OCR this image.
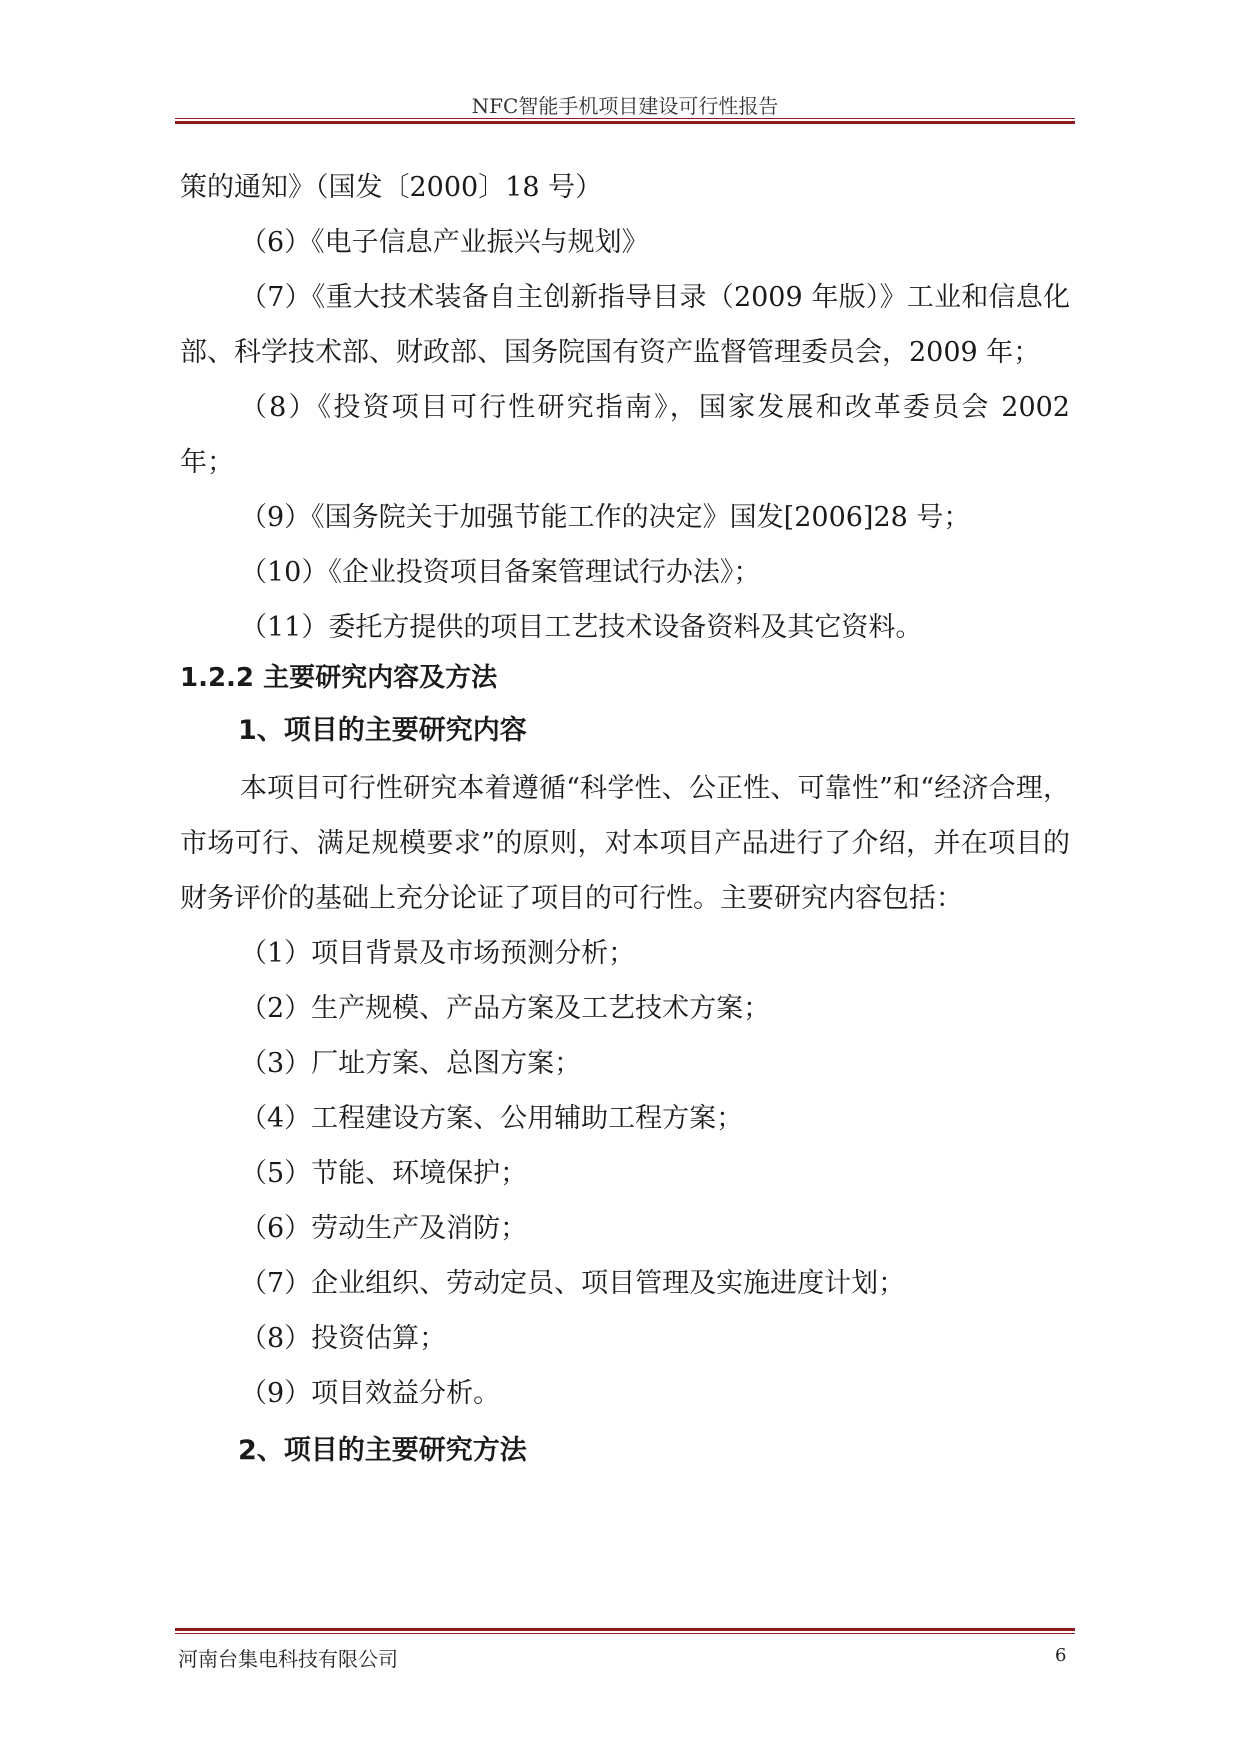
NFC智能手机项目建设可行性报告

策的通知》（国发〔2000〕18 号）

（6）《电子信息产业振兴与规划》

（7）《重大技术装备自主创新指导目录（2009 年版）》工业和信息化部、科学技术部、财政部、国务院国有资产监督管理委员会，2009 年；

（8）《投资项目可行性研究指南》，国家发展和改革委员会 2002 年；

（9）《国务院关于加强节能工作的决定》国发[2006]28 号；

（10）《企业投资项目备案管理试行办法》；

（11）委托方提供的项目工艺技术设备资料及其它资料。

1.2.2 主要研究内容及方法

1、项目的主要研究内容

本项目可行性研究本着遵循“科学性、公正性、可靠性”和“经济合理，市场可行、满足规模要求”的原则，对本项目产品进行了介绍，并在项目的财务评价的基础上充分论证了项目的可行性。主要研究内容包括：

（1）项目背景及市场预测分析；

（2）生产规模、产品方案及工艺技术方案；

（3）厂址方案、总图方案；

（4）工程建设方案、公用辅助工程方案；

（5）节能、环境保护；

（6）劳动生产及消防；

（7）企业组织、劳动定员、项目管理及实施进度计划；

（8）投资估算；

（9）项目效益分析。

2、项目的主要研究方法

河南台集电科技有限公司	6
